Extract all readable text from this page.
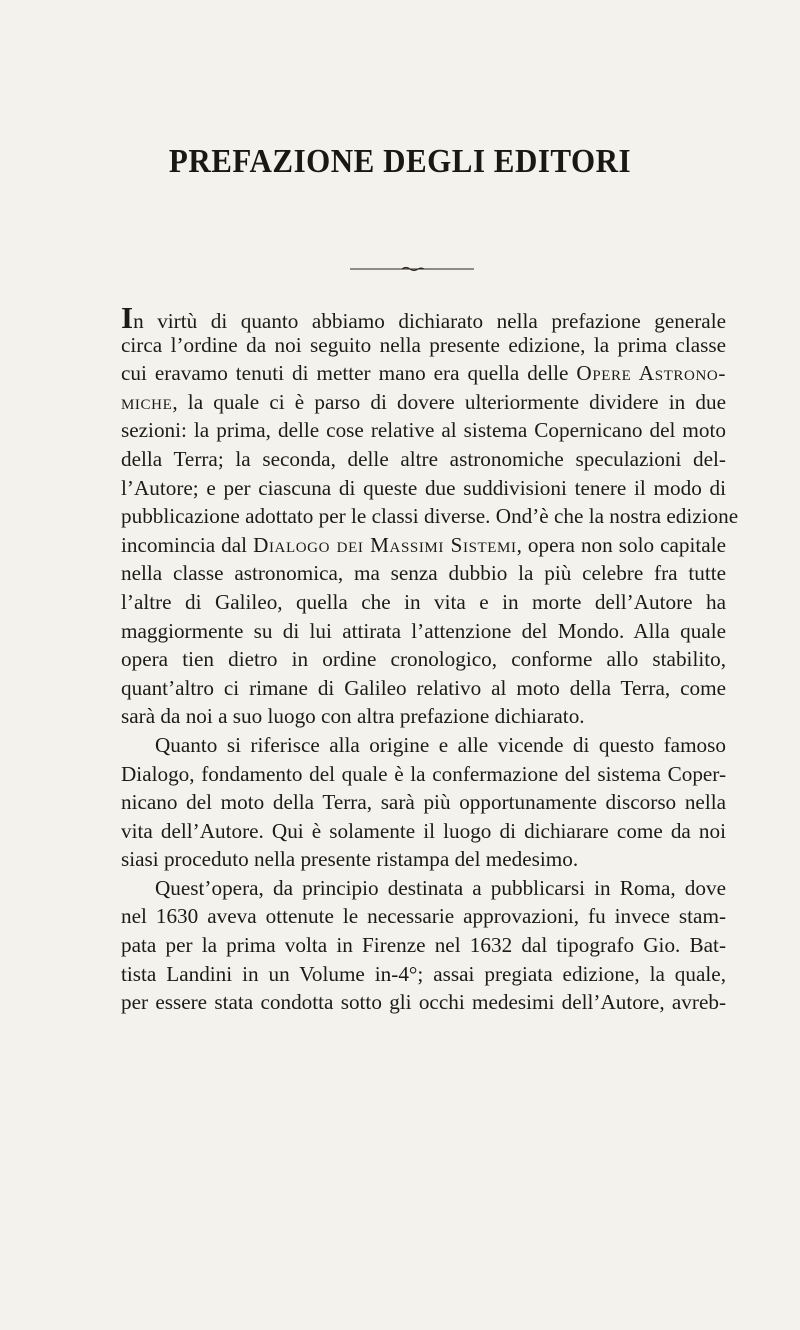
PREFAZIONE DEGLI EDITORI
In virtù di quanto abbiamo dichiarato nella prefazione generale
circa l’ordine da noi seguito nella presente edizione, la prima classe
cui eravamo tenuti di metter mano era quella delle Opere Astrono-
miche, la quale ci è parso di dovere ulteriormente dividere in due
sezioni: la prima, delle cose relative al sistema Copernicano del moto
della Terra; la seconda, delle altre astronomiche speculazioni del-
l’Autore; e per ciascuna di queste due suddivisioni tenere il modo di
pubblicazione adottato per le classi diverse. Ond’è che la nostra edizione
incomincia dal Dialogo dei Massimi Sistemi, opera non solo capitale
nella classe astronomica, ma senza dubbio la più celebre fra tutte
l’altre di Galileo, quella che in vita e in morte dell’Autore ha
maggiormente su di lui attirata l’attenzione del Mondo. Alla quale
opera tien dietro in ordine cronologico, conforme allo stabilito,
quant’altro ci rimane di Galileo relativo al moto della Terra, come
sarà da noi a suo luogo con altra prefazione dichiarato.
Quanto si riferisce alla origine e alle vicende di questo famoso
Dialogo, fondamento del quale è la confermazione del sistema Coper-
nicano del moto della Terra, sarà più opportunamente discorso nella
vita dell’Autore. Qui è solamente il luogo di dichiarare come da noi
siasi proceduto nella presente ristampa del medesimo.
Quest’opera, da principio destinata a pubblicarsi in Roma, dove
nel 1630 aveva ottenute le necessarie approvazioni, fu invece stam-
pata per la prima volta in Firenze nel 1632 dal tipografo Gio. Bat-
tista Landini in un Volume in-4°; assai pregiata edizione, la quale,
per essere stata condotta sotto gli occhi medesimi dell’Autore, avreb-
